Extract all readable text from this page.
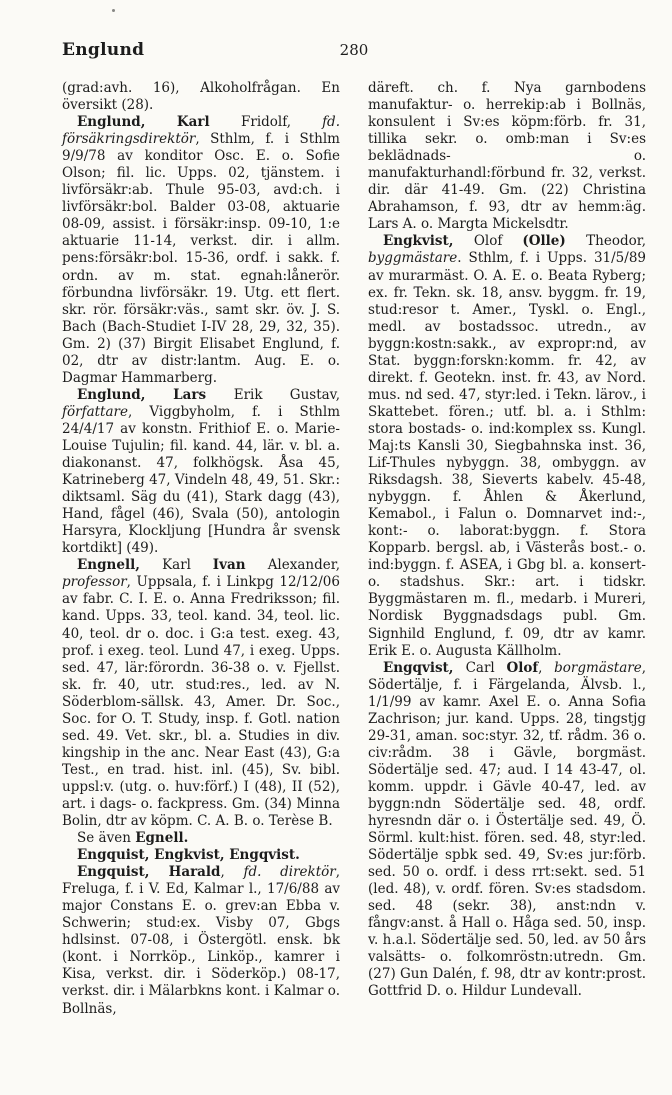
Englund	280

(grad:avh. 16), Alkoholfrågan. En översikt (28).

Englund, Karl Fridolf, fd. försäkringsdirektör, Sthlm, f. i Sthlm 9/9/78 av konditor Osc. E. o. Sofie Olson; fil. lic. Upps. 02, tjänstem. i livförsäkr:ab. Thule 95-03, avd:ch. i livförsäkr:bol. Balder 03-08, aktuarie 08-09, assist. i försäkr:insp. 09-10, 1:e aktuarie 11-14, verkst. dir. i allm. pens:försäkr:bol. 15-36, ordf. i sakk. f. ordn. av m. stat. egnah:lånerör. förbundna livförsäkr. 19. Utg. ett flert. skr. rör. försäkr:väs., samt skr. öv. J. S. Bach (Bach-Studiet I-IV 28, 29, 32, 35). Gm. 2) (37) Birgit Elisabet Englund, f. 02, dtr av distr:lantm. Aug. E. o. Dagmar Hammarberg.

Englund, Lars Erik Gustav, författare, Viggbyholm, f. i Sthlm 24/4/17 av konstn. Frithiof E. o. Marie-Louise Tujulin; fil. kand. 44, lär. v. bl. a. diakonanst. 47, folkhögsk. Åsa 45, Katrineberg 47, Vindeln 48, 49, 51. Skr.: diktsaml. Säg du (41), Stark dagg (43), Hand, fågel (46), Svala (50), antologin Harsyra, Klockljung [Hundra år svensk kortdikt] (49).

Engnell, Karl Ivan Alexander, professor, Uppsala, f. i Linkpg 12/12/06 av fabr. C. I. E. o. Anna Fredriksson; fil. kand. Upps. 33, teol. kand. 34, teol. lic. 40, teol. dr o. doc. i G:a test. exeg. 43, prof. i exeg. teol. Lund 47, i exeg. Upps. sed. 47, lär:förordn. 36-38 o. v. Fjellst. sk. fr. 40, utr. stud:res., led. av N. Söderblom-sällsk. 43, Amer. Dr. Soc., Soc. for O. T. Study, insp. f. Gotl. nation sed. 49. Vet. skr., bl. a. Studies in div. kingship in the anc. Near East (43), G:a Test., en trad. hist. inl. (45), Sv. bibl. uppsl:v. (utg. o. huv:förf.) I (48), II (52), art. i dags- o. fackpress. Gm. (34) Minna Bolin, dtr av köpm. C. A. B. o. Terèse B.

Se även Egnell.

Engquist, Engkvist, Engqvist.

Engquist, Harald, fd. direktör, Freluga, f. i V. Ed, Kalmar l., 17/6/88 av major Constans E. o. grev:an Ebba v. Schwerin; stud:ex. Visby 07, Gbgs hdlsinst. 07-08, i Östergötl. ensk. bk (kont. i Norrköp., Linköp., kamrer i Kisa, verkst. dir. i Söderköp.) 08-17, verkst. dir. i Mälarbkns kont. i Kalmar o. Bollnäs,

däreft. ch. f. Nya garnbodens manufaktur- o. herrekip:ab i Bollnäs, konsulent i Sv:es köpm:förb. fr. 31, tillika sekr. o. omb:man i Sv:es beklädnads- o. manufakturhandl:förbund fr. 32, verkst. dir. där 41-49. Gm. (22) Christina Abrahamson, f. 93, dtr av hemm:äg. Lars A. o. Margta Mickelsdtr.

Engkvist, Olof (Olle) Theodor, byggmästare. Sthlm, f. i Upps. 31/5/89 av murarmäst. O. A. E. o. Beata Ryberg; ex. fr. Tekn. sk. 18, ansv. byggm. fr. 19, stud:resor t. Amer., Tyskl. o. Engl., medl. av bostadssoc. utredn., av byggn:kostn:sakk., av expropr:nd, av Stat. byggn:forskn:komm. fr. 42, av direkt. f. Geotekn. inst. fr. 43, av Nord. mus. nd sed. 47, styr:led. i Tekn. lärov., i Skattebet. fören.; utf. bl. a. i Sthlm: stora bostads- o. ind:komplex ss. Kungl. Maj:ts Kansli 30, Siegbahnska inst. 36, Lif-Thules nybyggn. 38, ombyggn. av Riksdagsh. 38, Sieverts kabelv. 45-48, nybyggn. f. Åhlen & Åkerlund, Kemabol., i Falun o. Domnarvet ind:-, kont:- o. laborat:byggn. f. Stora Kopparb. bergsl. ab, i Västerås bost.- o. ind:byggn. f. ASEA, i Gbg bl. a. konsert- o. stadshus. Skr.: art. i tidskr. Byggmästaren m. fl., medarb. i Mureri, Nordisk Byggnadsdags publ. Gm. Signhild Englund, f. 09, dtr av kamr. Erik E. o. Augusta Källholm.

Engqvist, Carl Olof, borgmästare, Södertälje, f. i Färgelanda, Älvsb. l., 1/1/99 av kamr. Axel E. o. Anna Sofia Zachrison; jur. kand. Upps. 28, tingstjg 29-31, aman. soc:styr. 32, tf. rådm. 36 o. civ:rådm. 38 i Gävle, borgmäst. Södertälje sed. 47; aud. I 14 43-47, ol. komm. uppdr. i Gävle 40-47, led. av byggn:ndn Södertälje sed. 48, ordf. hyresndn där o. i Östertälje sed. 49, Ö. Sörml. kult:hist. fören. sed. 48, styr:led. Södertälje spbk sed. 49, Sv:es jur:förb. sed. 50 o. ordf. i dess rrt:sekt. sed. 51 (led. 48), v. ordf. fören. Sv:es stadsdom. sed. 48 (sekr. 38), anst:ndn v. fångv:anst. å Hall o. Håga sed. 50, insp. v. h.a.l. Södertälje sed. 50, led. av 50 års valsätts- o. folkomröstn:utredn. Gm. (27) Gun Dalén, f. 98, dtr av kontr:prost. Gottfrid D. o. Hildur Lundevall.
